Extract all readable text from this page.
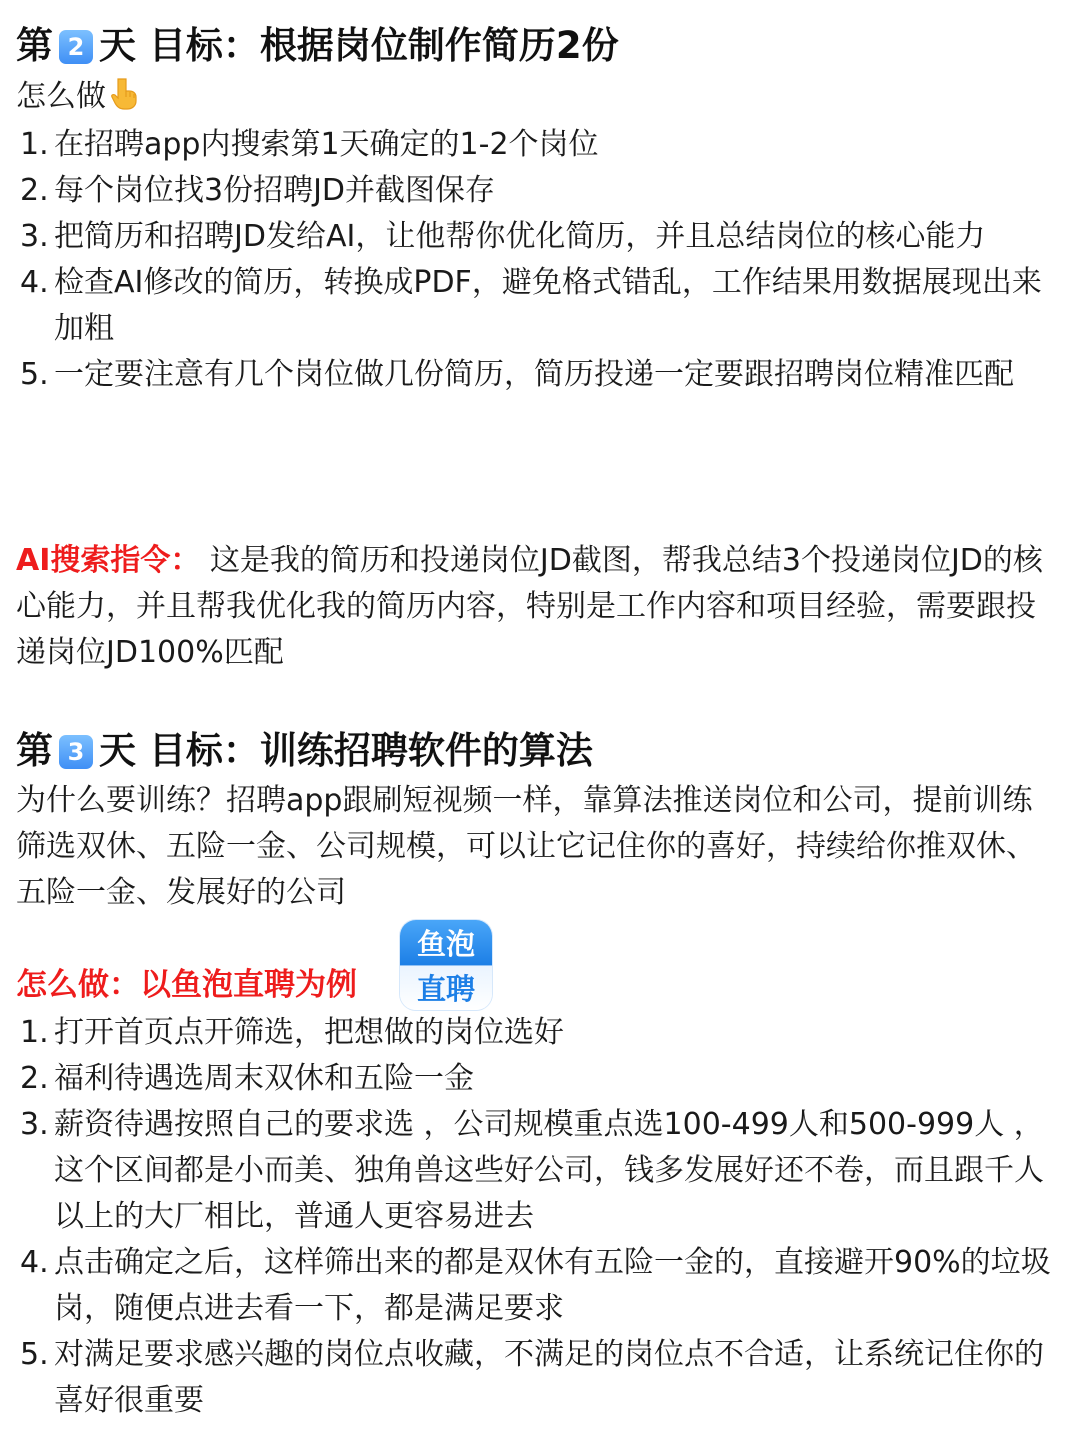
第 2 天 目标：根据岗位制作简历2份
怎么做
1. 在招聘app内搜索第1天确定的1-2个岗位
2. 每个岗位找3份招聘JD并截图保存
3. 把简历和招聘JD发给AI，让他帮你优化简历，并且总结岗位的核心能力
4. 检查AI修改的简历，转换成PDF，避免格式错乱，工作结果用数据展现出来加粗
5. 一定要注意有几个岗位做几份简历，简历投递一定要跟招聘岗位精准匹配

AI搜索指令： 这是我的简历和投递岗位JD截图，帮我总结3个投递岗位JD的核心能力，并且帮我优化我的简历内容，特别是工作内容和项目经验，需要跟投递岗位JD100%匹配

第 3 天 目标：训练招聘软件的算法

为什么要训练？招聘app跟刷短视频一样，靠算法推送岗位和公司，提前训练筛选双休、五险一金、公司规模，可以让它记住你的喜好，持续给你推双休、五险一金、发展好的公司

怎么做：以鱼泡直聘为例
鱼泡
直聘
1. 打开首页点开筛选，把想做的岗位选好
2. 福利待遇选周末双休和五险一金
3. 薪资待遇按照自己的要求选 ，公司规模重点选100-499人和500-999人 ，这个区间都是小而美、独角兽这些好公司，钱多发展好还不卷，而且跟千人以上的大厂相比，普通人更容易进去
4. 点击确定之后，这样筛出来的都是双休有五险一金的，直接避开90%的垃圾岗，随便点进去看一下，都是满足要求
5. 对满足要求感兴趣的岗位点收藏，不满足的岗位点不合适，让系统记住你的喜好很重要
